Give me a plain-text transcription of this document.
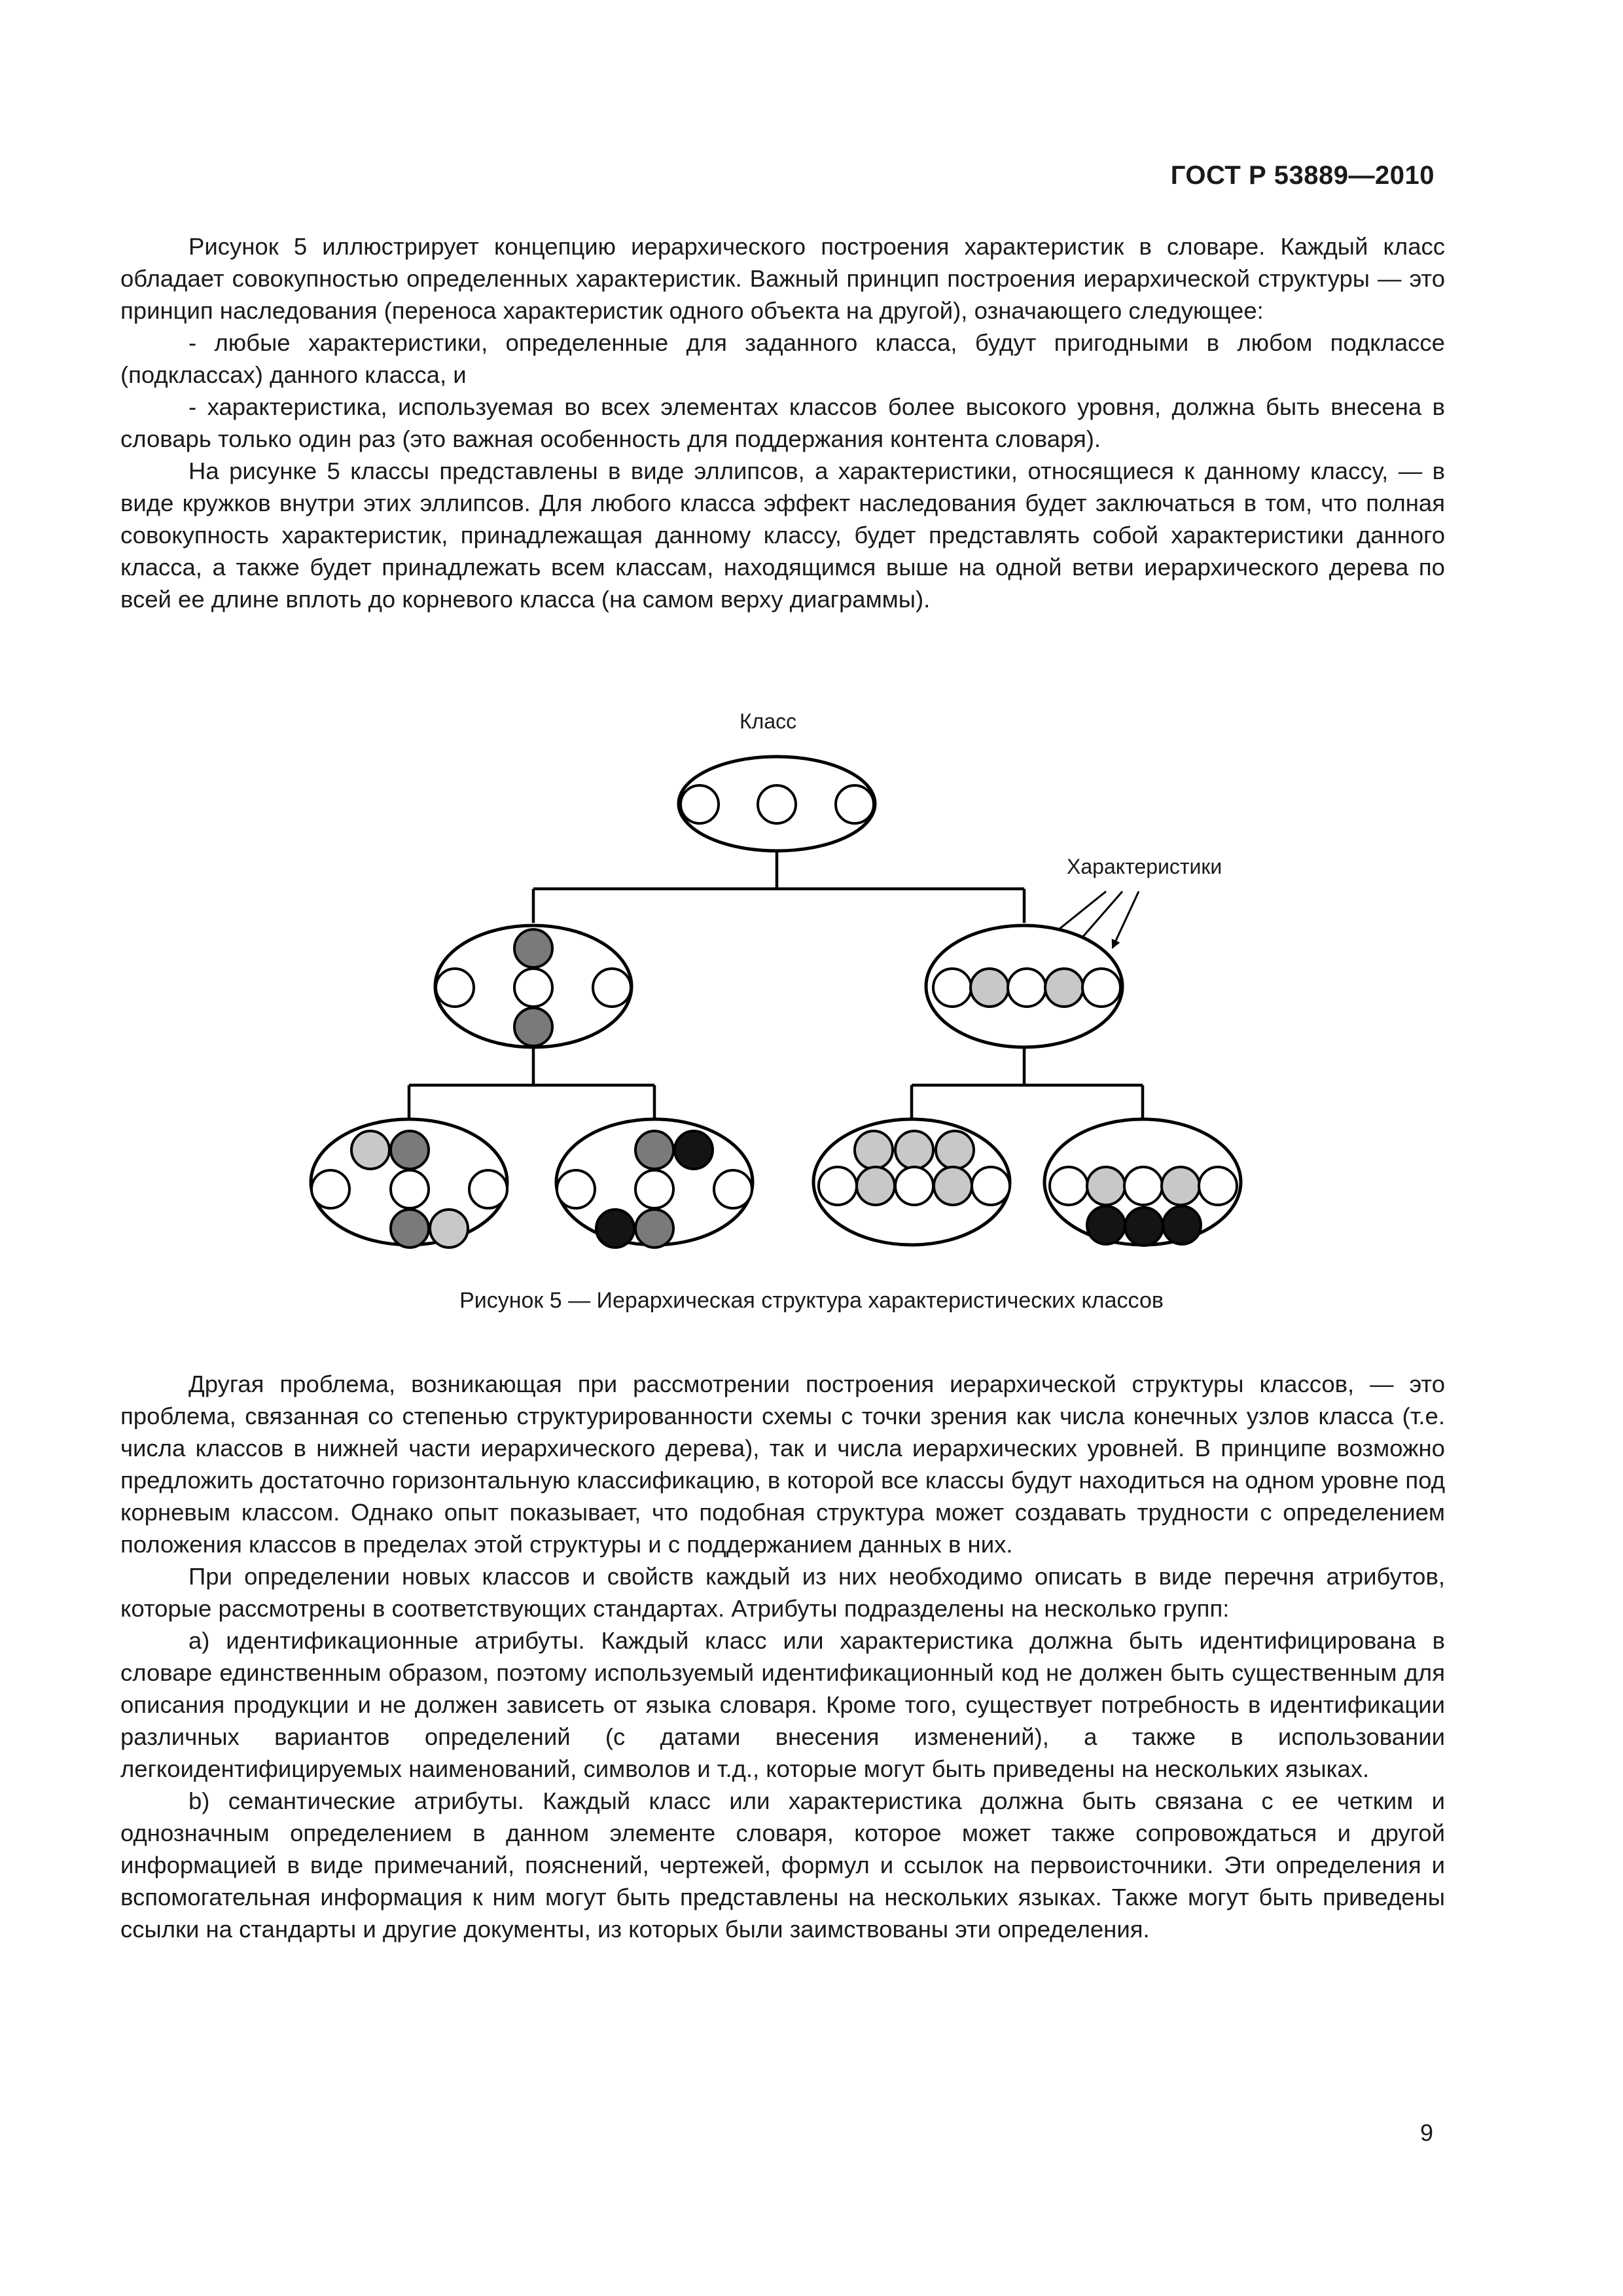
ГОСТ Р 53889—2010

Рисунок 5 иллюстрирует концепцию иерархического построения характеристик в словаре. Каждый класс обладает совокупностью определенных характеристик. Важный принцип построения иерархической структуры — это принцип наследования (переноса характеристик одного объекта на другой), означающего следующее:

- любые характеристики, определенные для заданного класса, будут пригодными в любом подклассе (подклассах) данного класса, и

- характеристика, используемая во всех элементах классов более высокого уровня, должна быть внесена в словарь только один раз (это важная особенность для поддержания контента словаря).

На рисунке 5 классы представлены в виде эллипсов, а характеристики, относящиеся к данному классу, — в виде кружков внутри этих эллипсов. Для любого класса эффект наследования будет заключаться в том, что полная совокупность характеристик, принадлежащая данному классу, будет представлять собой характеристики данного класса, а также будет принадлежать всем классам, находящимся выше на одной ветви иерархического дерева по всей ее длине вплоть до корневого класса (на самом верху диаграммы).

Класс
Характеристики
Рисунок 5 — Иерархическая структура характеристических классов

Другая проблема, возникающая при рассмотрении построения иерархической структуры классов, — это проблема, связанная со степенью структурированности схемы с точки зрения как числа конечных узлов класса (т.е. числа классов в нижней части иерархического дерева), так и числа иерархических уровней. В принципе возможно предложить достаточно горизонтальную классификацию, в которой все классы будут находиться на одном уровне под корневым классом. Однако опыт показывает, что подобная структура может создавать трудности с определением положения классов в пределах этой структуры и с поддержанием данных в них.

При определении новых классов и свойств каждый из них необходимо описать в виде перечня атрибутов, которые рассмотрены в соответствующих стандартах. Атрибуты подразделены на несколько групп:

а) идентификационные атрибуты. Каждый класс или характеристика должна быть идентифицирована в словаре единственным образом, поэтому используемый идентификационный код не должен быть существенным для описания продукции и не должен зависеть от языка словаря. Кроме того, существует потребность в идентификации различных вариантов определений (с датами внесения изменений), а также в использовании легкоидентифицируемых наименований, символов и т.д., которые могут быть приведены на нескольких языках.

b) семантические атрибуты. Каждый класс или характеристика должна быть связана с ее четким и однозначным определением в данном элементе словаря, которое может также сопровождаться и другой информацией в виде примечаний, пояснений, чертежей, формул и ссылок на первоисточники. Эти определения и вспомогательная информация к ним могут быть представлены на нескольких языках. Также могут быть приведены ссылки на стандарты и другие документы, из которых были заимствованы эти определения.

9
